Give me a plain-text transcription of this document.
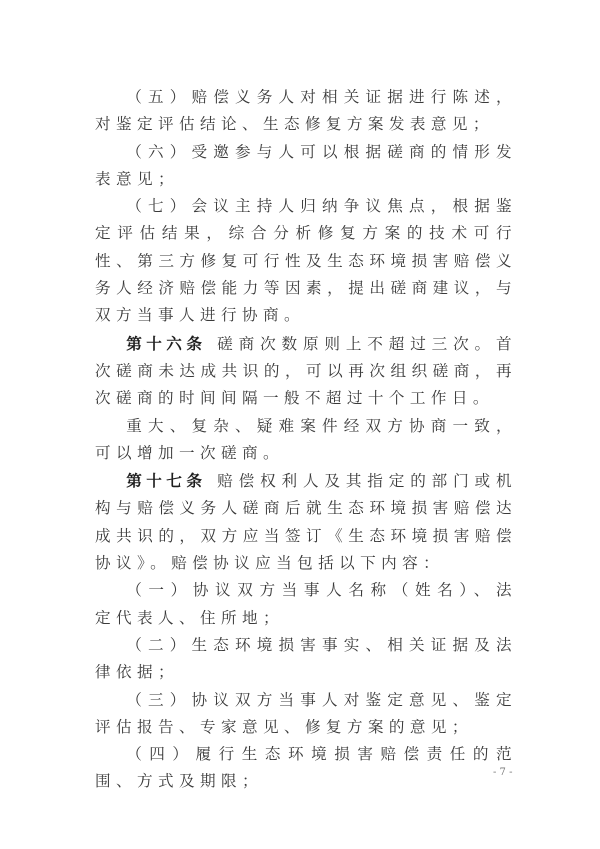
（五）赔偿义务人对相关证据进行陈述，对鉴定评估结论、生态修复方案发表意见；

（六）受邀参与人可以根据磋商的情形发表意见；

（七）会议主持人归纳争议焦点，根据鉴定评估结果，综合分析修复方案的技术可行性、第三方修复可行性及生态环境损害赔偿义务人经济赔偿能力等因素，提出磋商建议，与双方当事人进行协商。

第十六条 磋商次数原则上不超过三次。首次磋商未达成共识的，可以再次组织磋商，再次磋商的时间间隔一般不超过十个工作日。

重大、复杂、疑难案件经双方协商一致，可以增加一次磋商。

第十七条 赔偿权利人及其指定的部门或机构与赔偿义务人磋商后就生态环境损害赔偿达成共识的，双方应当签订《生态环境损害赔偿协议》。赔偿协议应当包括以下内容：

（一）协议双方当事人名称（姓名）、法定代表人、住所地；

（二）生态环境损害事实、相关证据及法律依据；

（三）协议双方当事人对鉴定意见、鉴定评估报告、专家意见、修复方案的意见；

（四）履行生态环境损害赔偿责任的范围、方式及期限；	- 7 -
